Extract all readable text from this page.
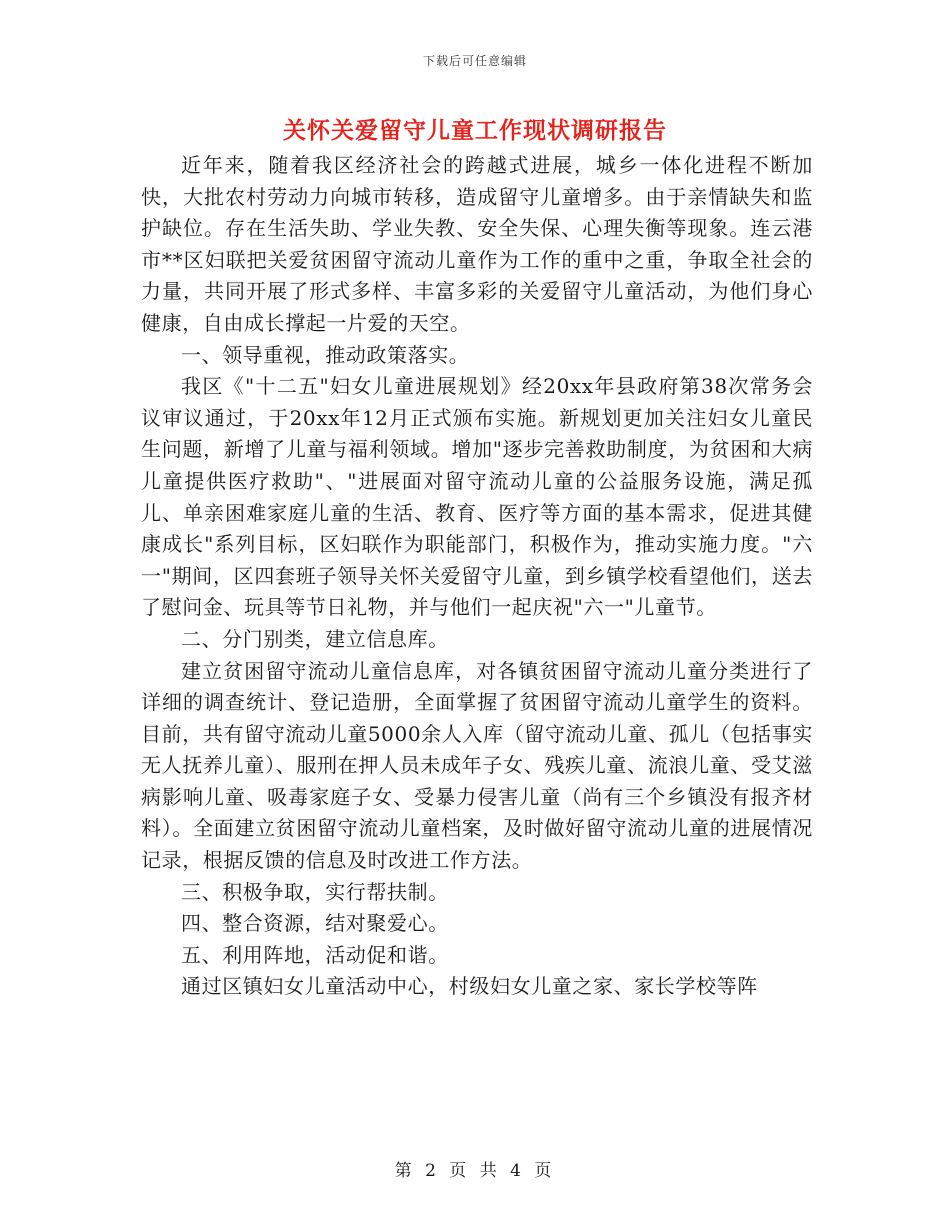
下载后可任意编辑
关怀关爱留守儿童工作现状调研报告

近年来，随着我区经济社会的跨越式进展，城乡一体化进程不断加快，大批农村劳动力向城市转移，造成留守儿童增多。由于亲情缺失和监护缺位。存在生活失助、学业失教、安全失保、心理失衡等现象。连云港市**区妇联把关爱贫困留守流动儿童作为工作的重中之重，争取全社会的力量，共同开展了形式多样、丰富多彩的关爱留守儿童活动，为他们身心健康，自由成长撑起一片爱的天空。

一、领导重视，推动政策落实。

我区《"十二五"妇女儿童进展规划》经20xx年县政府第38次常务会议审议通过，于20xx年12月正式颁布实施。新规划更加关注妇女儿童民生问题，新增了儿童与福利领域。增加"逐步完善救助制度，为贫困和大病儿童提供医疗救助"、"进展面对留守流动儿童的公益服务设施，满足孤儿、单亲困难家庭儿童的生活、教育、医疗等方面的基本需求，促进其健康成长"系列目标，区妇联作为职能部门，积极作为，推动实施力度。"六一"期间，区四套班子领导关怀关爱留守儿童，到乡镇学校看望他们，送去了慰问金、玩具等节日礼物，并与他们一起庆祝"六一"儿童节。

二、分门别类，建立信息库。

建立贫困留守流动儿童信息库，对各镇贫困留守流动儿童分类进行了详细的调查统计、登记造册，全面掌握了贫困留守流动儿童学生的资料。目前，共有留守流动儿童5000余人入库（留守流动儿童、孤儿（包括事实无人抚养儿童）、服刑在押人员未成年子女、残疾儿童、流浪儿童、受艾滋病影响儿童、吸毒家庭子女、受暴力侵害儿童（尚有三个乡镇没有报齐材料）。全面建立贫困留守流动儿童档案，及时做好留守流动儿童的进展情况记录，根据反馈的信息及时改进工作方法。

三、积极争取，实行帮扶制。

四、整合资源，结对聚爱心。

五、利用阵地，活动促和谐。

通过区镇妇女儿童活动中心，村级妇女儿童之家、家长学校等阵

第 2 页 共 4 页
